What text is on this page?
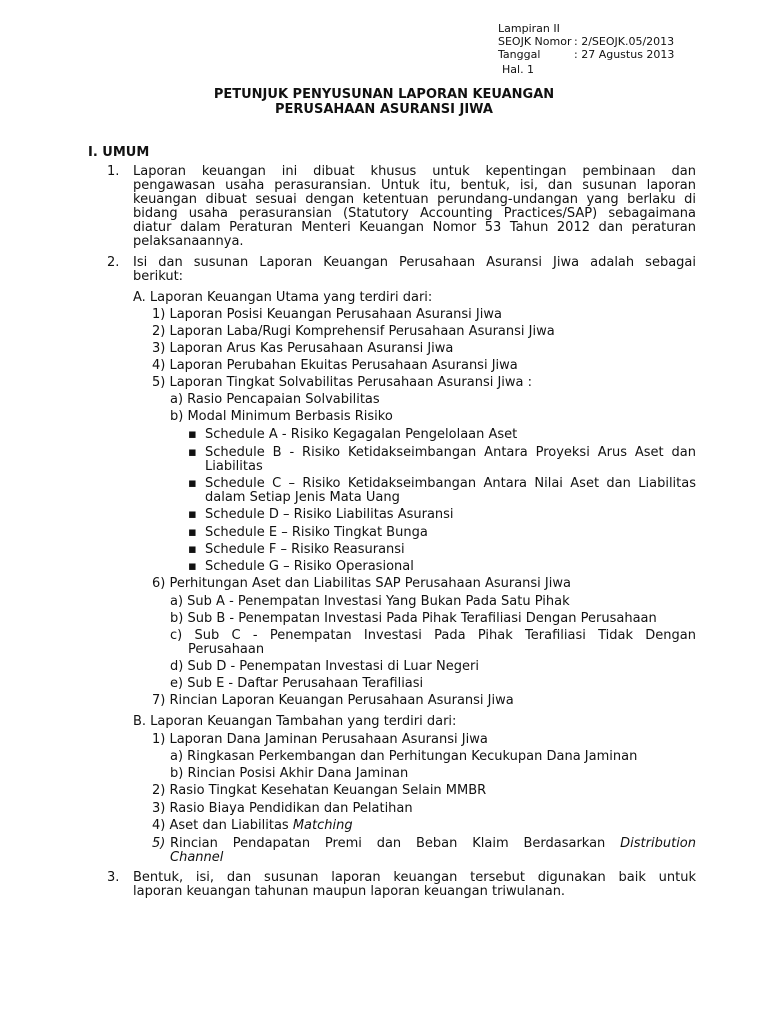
Lampiran II
SEOJK Nomor : 2/SEOJK.05/2013
Tanggal	: 27 Agustus 2013
Hal. 1
PETUNJUK PENYUSUNAN LAPORAN KEUANGAN
PERUSAHAAN ASURANSI JIWA
I. UMUM
1. Laporan keuangan ini dibuat khusus untuk kepentingan pembinaan dan
pengawasan usaha perasuransian. Untuk itu, bentuk, isi, dan susunan laporan
keuangan dibuat sesuai dengan ketentuan perundang-undangan yang berlaku di
bidang usaha perasuransian (Statutory Accounting Practices/SAP) sebagaimana
diatur dalam Peraturan Menteri Keuangan Nomor 53 Tahun 2012 dan peraturan
pelaksanaannya.
2. Isi dan susunan Laporan Keuangan Perusahaan Asuransi Jiwa adalah sebagai
berikut:
A. Laporan Keuangan Utama yang terdiri dari:
1) Laporan Posisi Keuangan Perusahaan Asuransi Jiwa
2) Laporan Laba/Rugi Komprehensif Perusahaan Asuransi Jiwa
3) Laporan Arus Kas Perusahaan Asuransi Jiwa
4) Laporan Perubahan Ekuitas Perusahaan Asuransi Jiwa
5) Laporan Tingkat Solvabilitas Perusahaan Asuransi Jiwa :
a) Rasio Pencapaian Solvabilitas
b) Modal Minimum Berbasis Risiko
▪ Schedule A - Risiko Kegagalan Pengelolaan Aset
▪ Schedule B - Risiko Ketidakseimbangan Antara Proyeksi Arus Aset dan
Liabilitas
▪ Schedule C – Risiko Ketidakseimbangan Antara Nilai Aset dan Liabilitas
dalam Setiap Jenis Mata Uang
▪ Schedule D – Risiko Liabilitas Asuransi
▪ Schedule E – Risiko Tingkat Bunga
▪ Schedule F – Risiko Reasuransi
▪ Schedule G – Risiko Operasional
6) Perhitungan Aset dan Liabilitas SAP Perusahaan Asuransi Jiwa
a) Sub A - Penempatan Investasi Yang Bukan Pada Satu Pihak
b) Sub B - Penempatan Investasi Pada Pihak Terafiliasi Dengan Perusahaan
c) Sub C - Penempatan Investasi Pada Pihak Terafiliasi Tidak Dengan
Perusahaan
d) Sub D - Penempatan Investasi di Luar Negeri
e) Sub E - Daftar Perusahaan Terafiliasi
7) Rincian Laporan Keuangan Perusahaan Asuransi Jiwa
B. Laporan Keuangan Tambahan yang terdiri dari:
1) Laporan Dana Jaminan Perusahaan Asuransi Jiwa
a) Ringkasan Perkembangan dan Perhitungan Kecukupan Dana Jaminan
b) Rincian Posisi Akhir Dana Jaminan
2) Rasio Tingkat Kesehatan Keuangan Selain MMBR
3) Rasio Biaya Pendidikan dan Pelatihan
4) Aset dan Liabilitas Matching
5) Rincian Pendapatan Premi dan Beban Klaim Berdasarkan Distribution
Channel
3. Bentuk, isi, dan susunan laporan keuangan tersebut digunakan baik untuk
laporan keuangan tahunan maupun laporan keuangan triwulanan.
